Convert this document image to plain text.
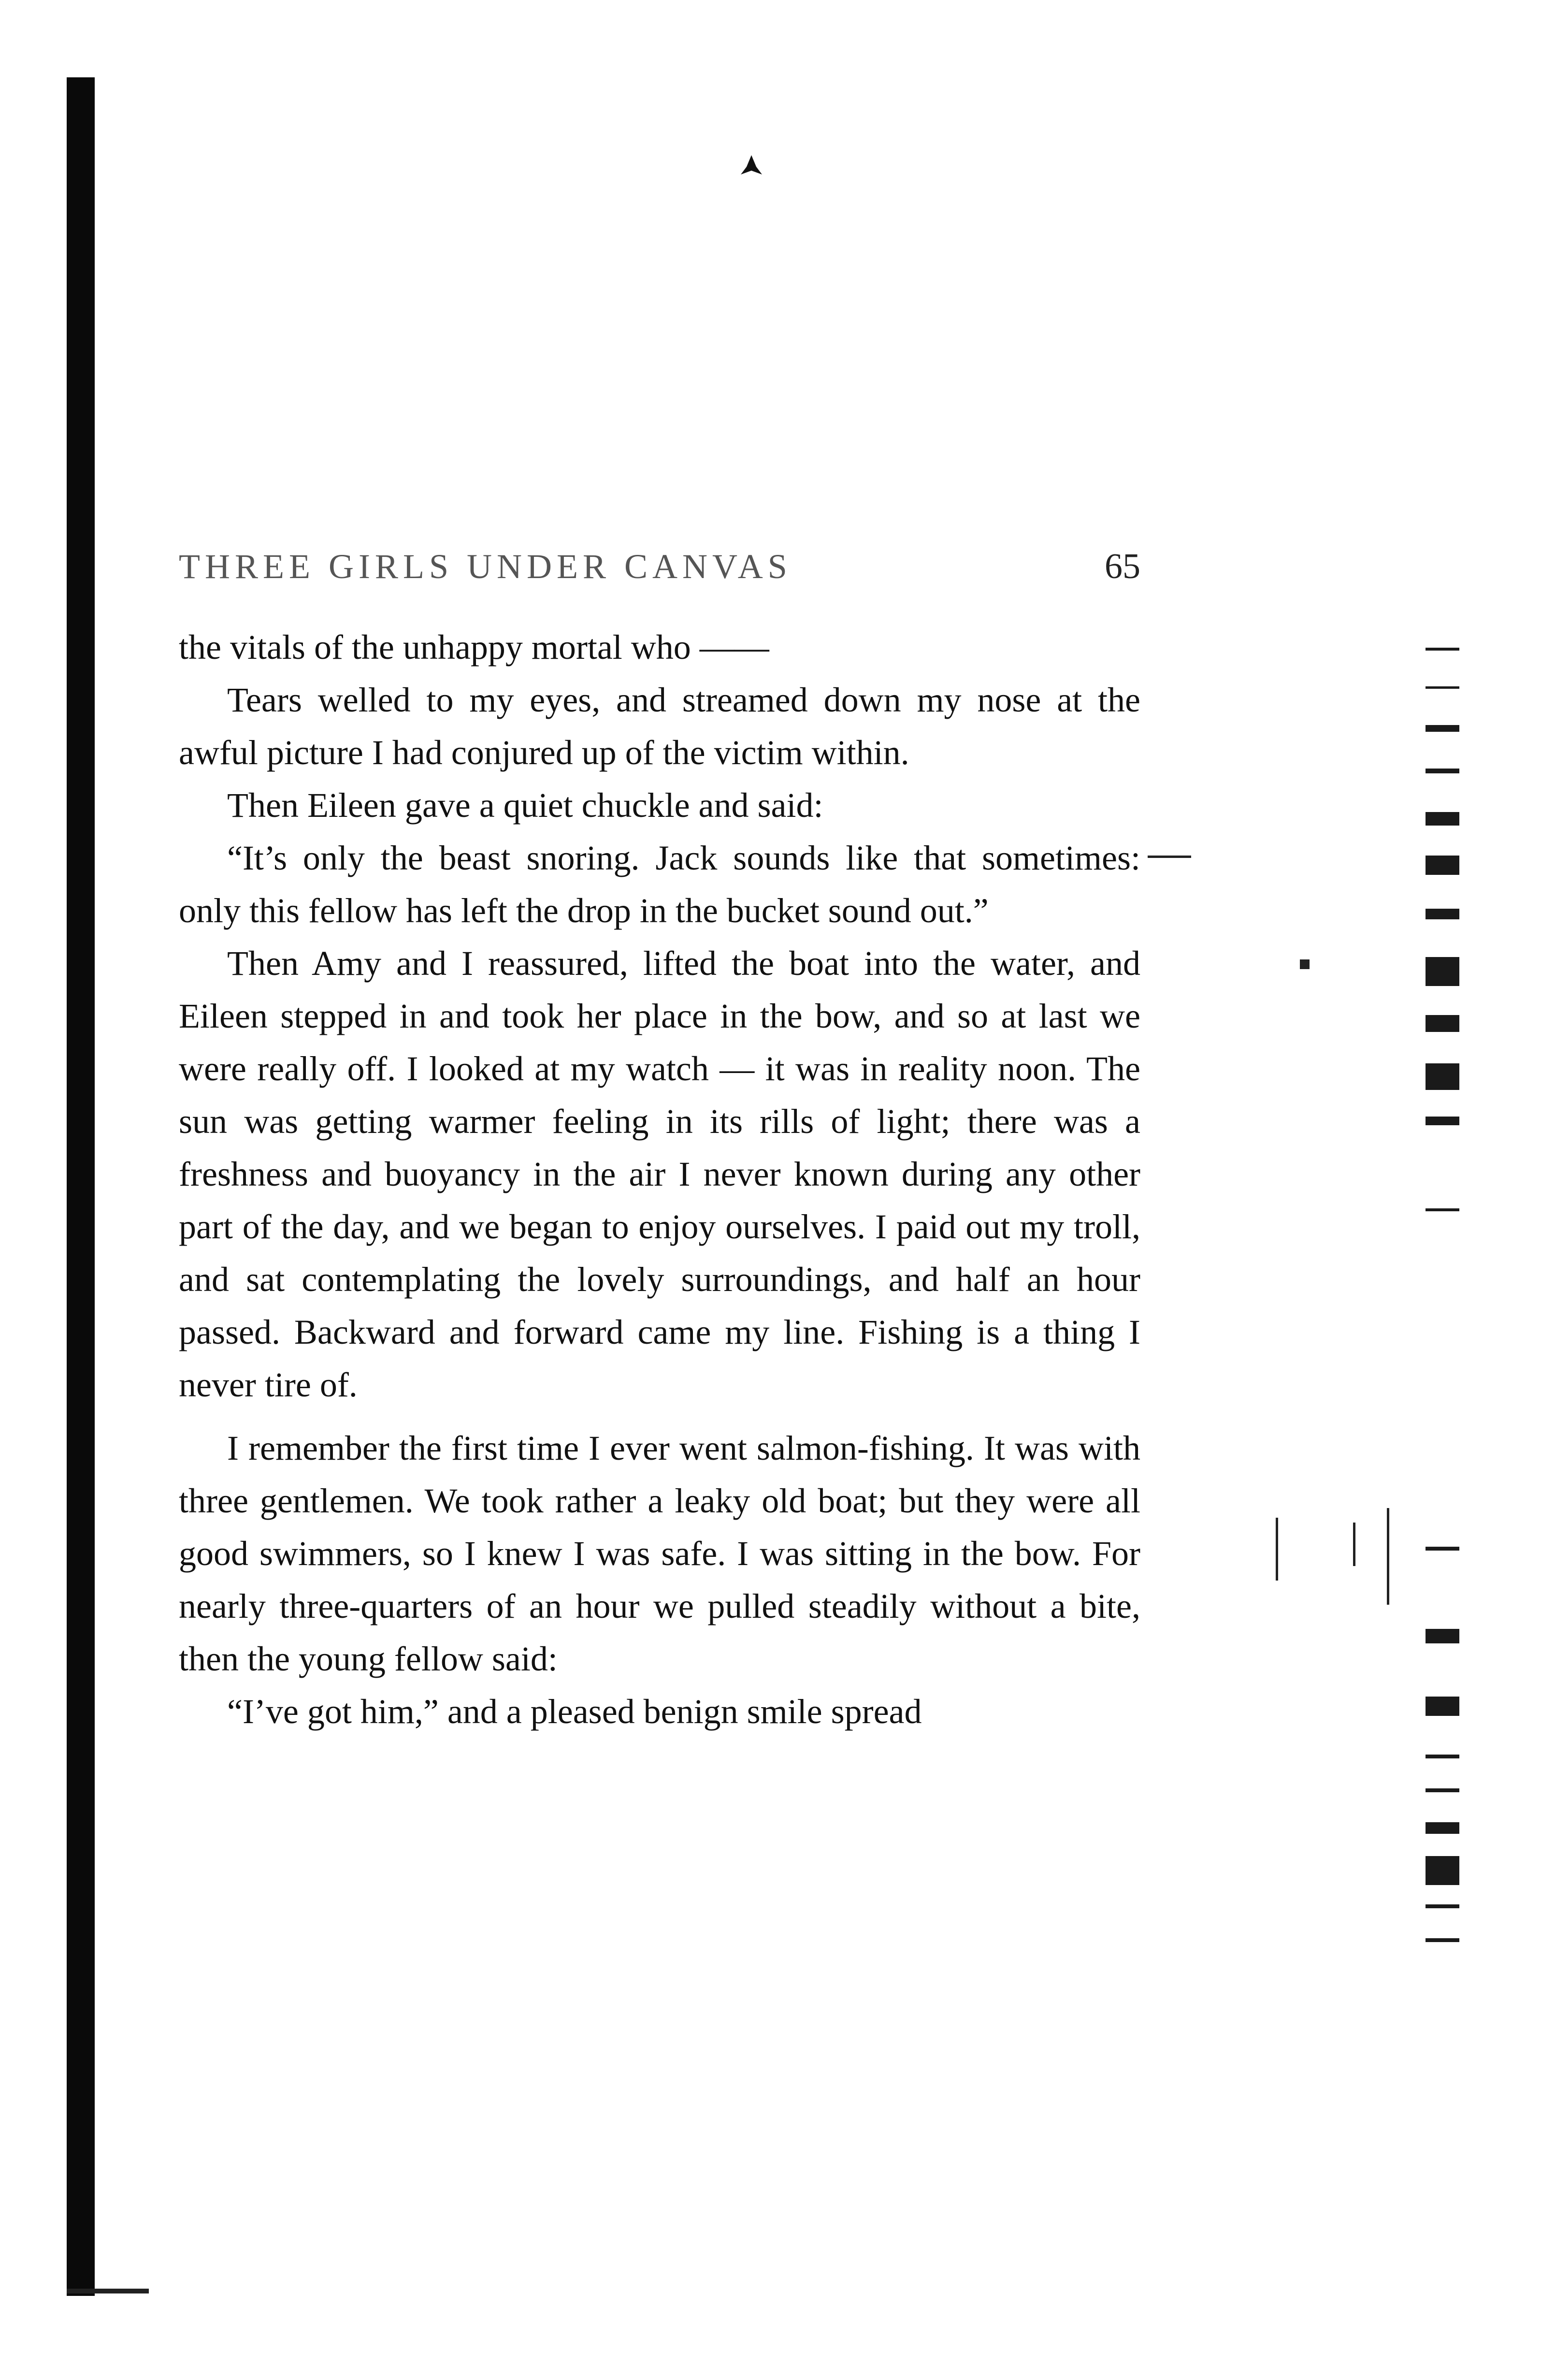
THREE GIRLS UNDER CANVAS	65

the vitals of the unhappy mortal who ——

Tears welled to my eyes, and streamed down my nose at the awful picture I had conjured up of the victim within.

Then Eileen gave a quiet chuckle and said:

“It’s only the beast snoring. Jack sounds like that sometimes: only this fellow has left the drop in the bucket sound out.”

Then Amy and I reassured, lifted the boat into the water, and Eileen stepped in and took her place in the bow, and so at last we were really off. I looked at my watch — it was in reality noon. The sun was getting warmer feeling in its rills of light; there was a freshness and buoyancy in the air I never known during any other part of the day, and we began to enjoy ourselves. I paid out my troll, and sat contemplating the lovely surroundings, and half an hour passed. Backward and forward came my line. Fishing is a thing I never tire of.

I remember the first time I ever went salmon-fishing. It was with three gentlemen. We took rather a leaky old boat; but they were all good swimmers, so I knew I was safe. I was sitting in the bow. For nearly three-quarters of an hour we pulled steadily without a bite, then the young fellow said:

“I’ve got him,” and a pleased benign smile spread
